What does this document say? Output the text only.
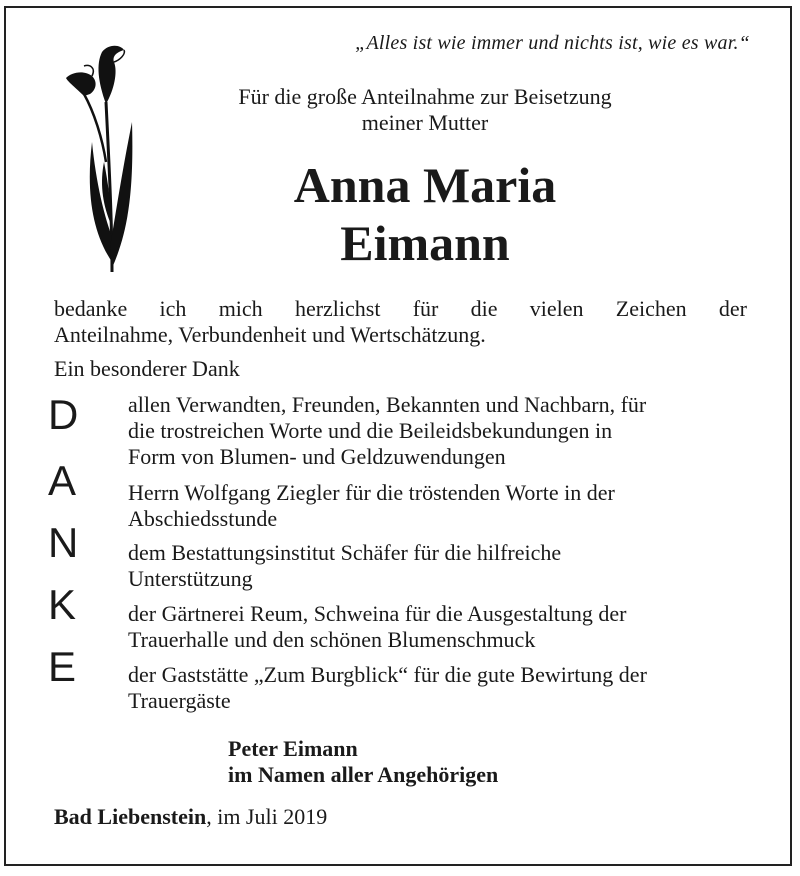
„Alles ist wie immer und nichts ist, wie es war.“
Für die große Anteilnahme zur Beisetzung
meiner Mutter
Anna Maria
Eimann
bedanke ich mich herzlichst für die vielen Zeichen der
Anteilnahme, Verbundenheit und Wertschätzung.
Ein besonderer Dank
D
A
N
K
E
allen Verwandten, Freunden, Bekannten und Nachbarn, für
die trostreichen Worte und die Beileidsbekundungen in
Form von Blumen- und Geldzuwendungen
Herrn Wolfgang Ziegler für die tröstenden Worte in der
Abschiedsstunde
dem Bestattungsinstitut Schäfer für die hilfreiche
Unterstützung
der Gärtnerei Reum, Schweina für die Ausgestaltung der
Trauerhalle und den schönen Blumenschmuck
der Gaststätte „Zum Burgblick“ für die gute Bewirtung der
Trauergäste
Peter Eimann
im Namen aller Angehörigen
Bad Liebenstein, im Juli 2019
